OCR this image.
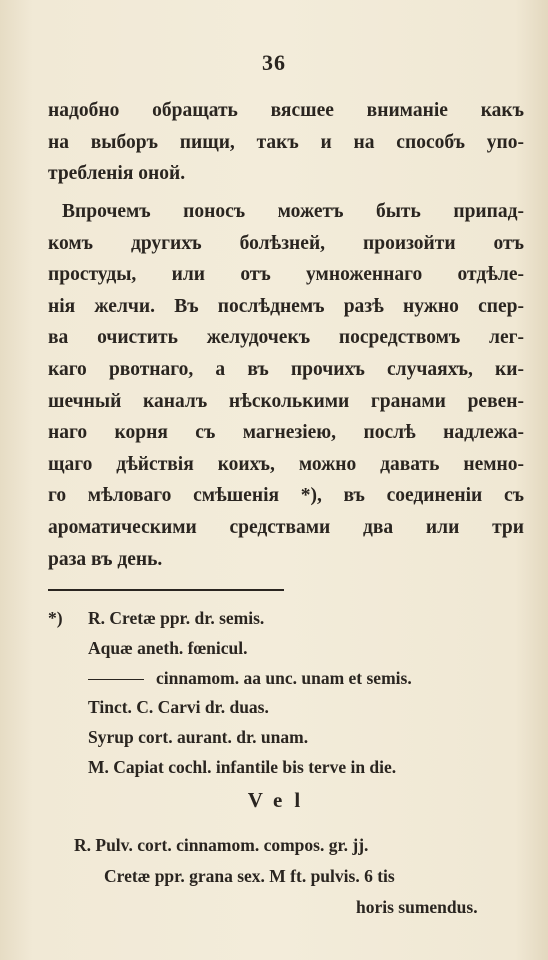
36
надобно обращать вясшее вниманіе какъ
на выборъ пищи, такъ и на способъ упо-
требленія оной.
Впрочемъ поносъ можетъ быть припад-
комъ другихъ болѣзней, произойти отъ
простуды, или отъ умноженнаго отдѣле-
нія желчи. Въ послѣднемъ разѣ нужно спер-
ва очистить желудочекъ посредствомъ лег-
каго рвотнаго, а въ прочихъ случаяхъ, ки-
шечный каналъ нѣсколькими гранами ревен-
наго корня съ магнезіею, послѣ надлежа-
щаго дѣйствія коихъ, можно давать немно-
го мѣловаго смѣшенія *), въ соединеніи съ
ароматическими средствами два или три
раза въ день.
*) R. Cretæ ppr. dr. semis.
Aquæ aneth. fœnicul.
cinnamom. aa unc. unam et semis.
Tinct. C. Carvi dr. duas.
Syrup cort. aurant. dr. unam.
M. Capiat cochl. infantile bis terve in die.
Vel
R. Pulv. cort. cinnamom. compos. gr. jj.
Cretæ ppr. grana sex. M ft. pulvis. 6 tis
horis sumendus.
